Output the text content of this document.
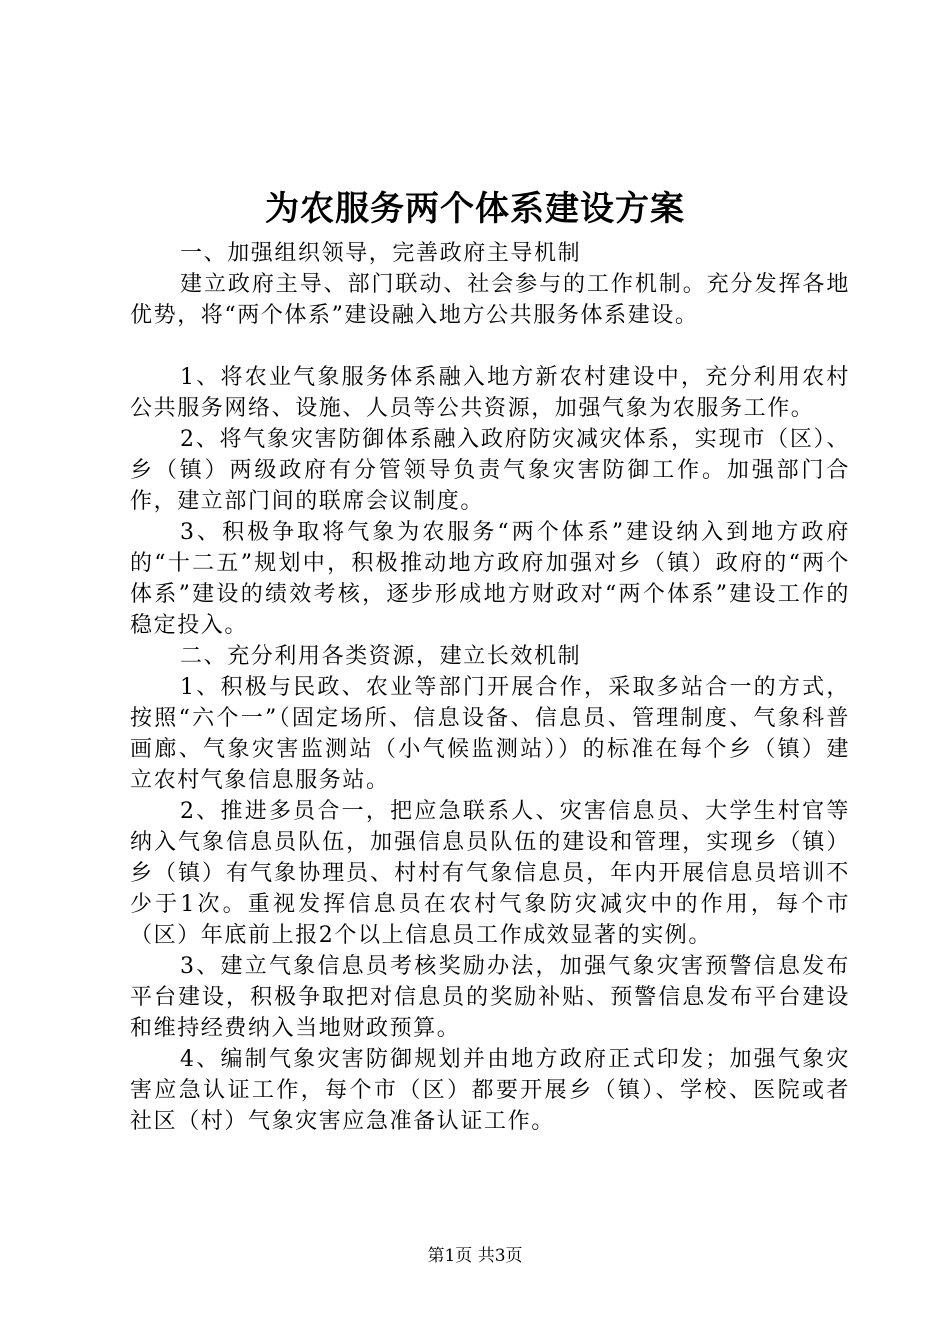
为农服务两个体系建设方案

一、加强组织领导，完善政府主导机制

建立政府主导、部门联动、社会参与的工作机制。充分发挥各地优势，将“两个体系”建设融入地方公共服务体系建设。

1、将农业气象服务体系融入地方新农村建设中，充分利用农村公共服务网络、设施、人员等公共资源，加强气象为农服务工作。

2、将气象灾害防御体系融入政府防灾减灾体系，实现市（区）、乡（镇）两级政府有分管领导负责气象灾害防御工作。加强部门合作，建立部门间的联席会议制度。

3、积极争取将气象为农服务“两个体系”建设纳入到地方政府的“十二五”规划中，积极推动地方政府加强对乡（镇）政府的“两个体系”建设的绩效考核，逐步形成地方财政对“两个体系”建设工作的稳定投入。

二、充分利用各类资源，建立长效机制

1、积极与民政、农业等部门开展合作，采取多站合一的方式，按照“六个一”（固定场所、信息设备、信息员、管理制度、气象科普画廊、气象灾害监测站（小气候监测站））的标准在每个乡（镇）建立农村气象信息服务站。

2、推进多员合一，把应急联系人、灾害信息员、大学生村官等纳入气象信息员队伍，加强信息员队伍的建设和管理，实现乡（镇）乡（镇）有气象协理员、村村有气象信息员，年内开展信息员培训不少于1次。重视发挥信息员在农村气象防灾减灾中的作用，每个市（区）年底前上报2个以上信息员工作成效显著的实例。

3、建立气象信息员考核奖励办法，加强气象灾害预警信息发布平台建设，积极争取把对信息员的奖励补贴、预警信息发布平台建设和维持经费纳入当地财政预算。

4、编制气象灾害防御规划并由地方政府正式印发；加强气象灾害应急认证工作，每个市（区）都要开展乡（镇）、学校、医院或者社区（村）气象灾害应急准备认证工作。

第1页 共3页
